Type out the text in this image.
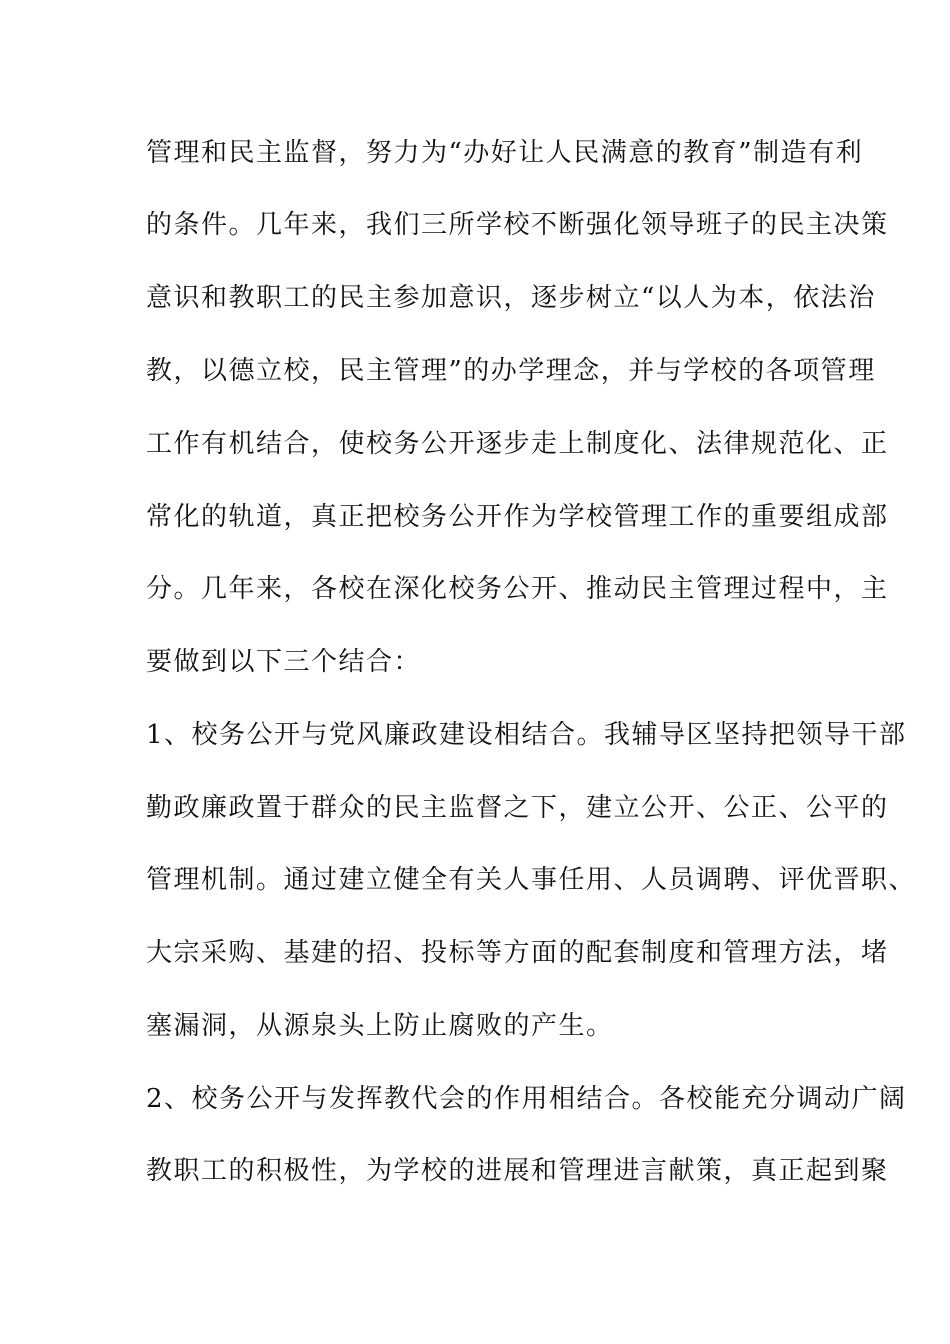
管理和民主监督，努力为“办好让人民满意的教育”制造有利
的条件。几年来，我们三所学校不断强化领导班子的民主决策
意识和教职工的民主参加意识，逐步树立“以人为本，依法治
教，以德立校，民主管理”的办学理念，并与学校的各项管理
工作有机结合，使校务公开逐步走上制度化、法律规范化、正
常化的轨道，真正把校务公开作为学校管理工作的重要组成部
分。几年来，各校在深化校务公开、推动民主管理过程中，主
要做到以下三个结合：
1、校务公开与党风廉政建设相结合。我辅导区坚持把领导干部
勤政廉政置于群众的民主监督之下，建立公开、公正、公平的
管理机制。通过建立健全有关人事任用、人员调聘、评优晋职、
大宗采购、基建的招、投标等方面的配套制度和管理方法，堵
塞漏洞，从源泉头上防止腐败的产生。
2、校务公开与发挥教代会的作用相结合。各校能充分调动广阔
教职工的积极性，为学校的进展和管理进言献策，真正起到聚
